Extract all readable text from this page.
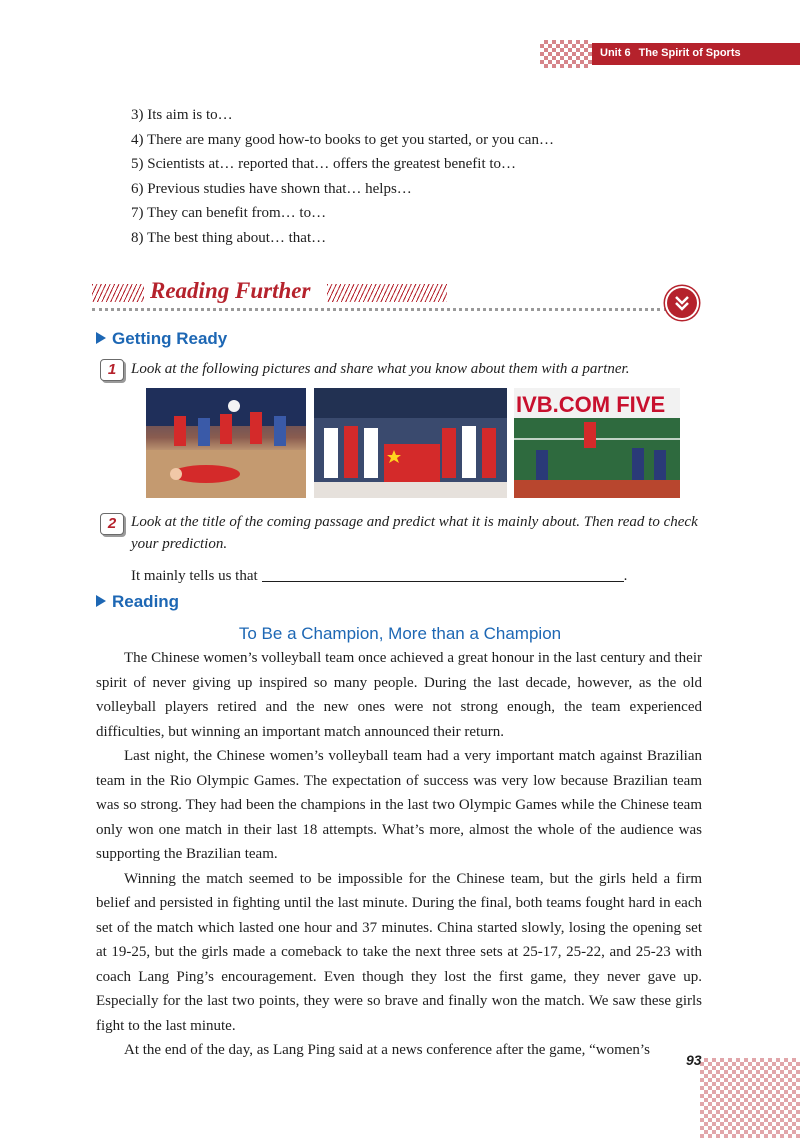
Unit 6 The Spirit of Sports
3) Its aim is to…
4) There are many good how-to books to get you started, or you can…
5) Scientists at… reported that… offers the greatest benefit to…
6) Previous studies have shown that… helps…
7) They can benefit from… to…
8) The best thing about… that…
Reading Further
Getting Ready
1 Look at the following pictures and share what you know about them with a partner.
IVB.COM FIVE
2 Look at the title of the coming passage and predict what it is mainly about. Then read to check your prediction.
It mainly tells us that	.
Reading
To Be a Champion, More than a Champion

The Chinese women’s volleyball team once achieved a great honour in the last century and their spirit of never giving up inspired so many people. During the last decade, however, as the old volleyball players retired and the new ones were not strong enough, the team experienced difficulties, but winning an important match announced their return.

Last night, the Chinese women’s volleyball team had a very important match against Brazilian team in the Rio Olympic Games. The expectation of success was very low because Brazilian team was so strong. They had been the champions in the last two Olympic Games while the Chinese team only won one match in their last 18 attempts. What’s more, almost the whole of the audience was supporting the Brazilian team.

Winning the match seemed to be impossible for the Chinese team, but the girls held a firm belief and persisted in fighting until the last minute. During the final, both teams fought hard in each set of the match which lasted one hour and 37 minutes. China started slowly, losing the opening set at 19-25, but the girls made a comeback to take the next three sets at 25-17, 25-22, and 25-23 with coach Lang Ping’s encouragement. Even though they lost the first game, they never gave up. Especially for the last two points, they were so brave and finally won the match. We saw these girls fight to the last minute.

At the end of the day, as Lang Ping said at a news conference after the game, “women’s

93
